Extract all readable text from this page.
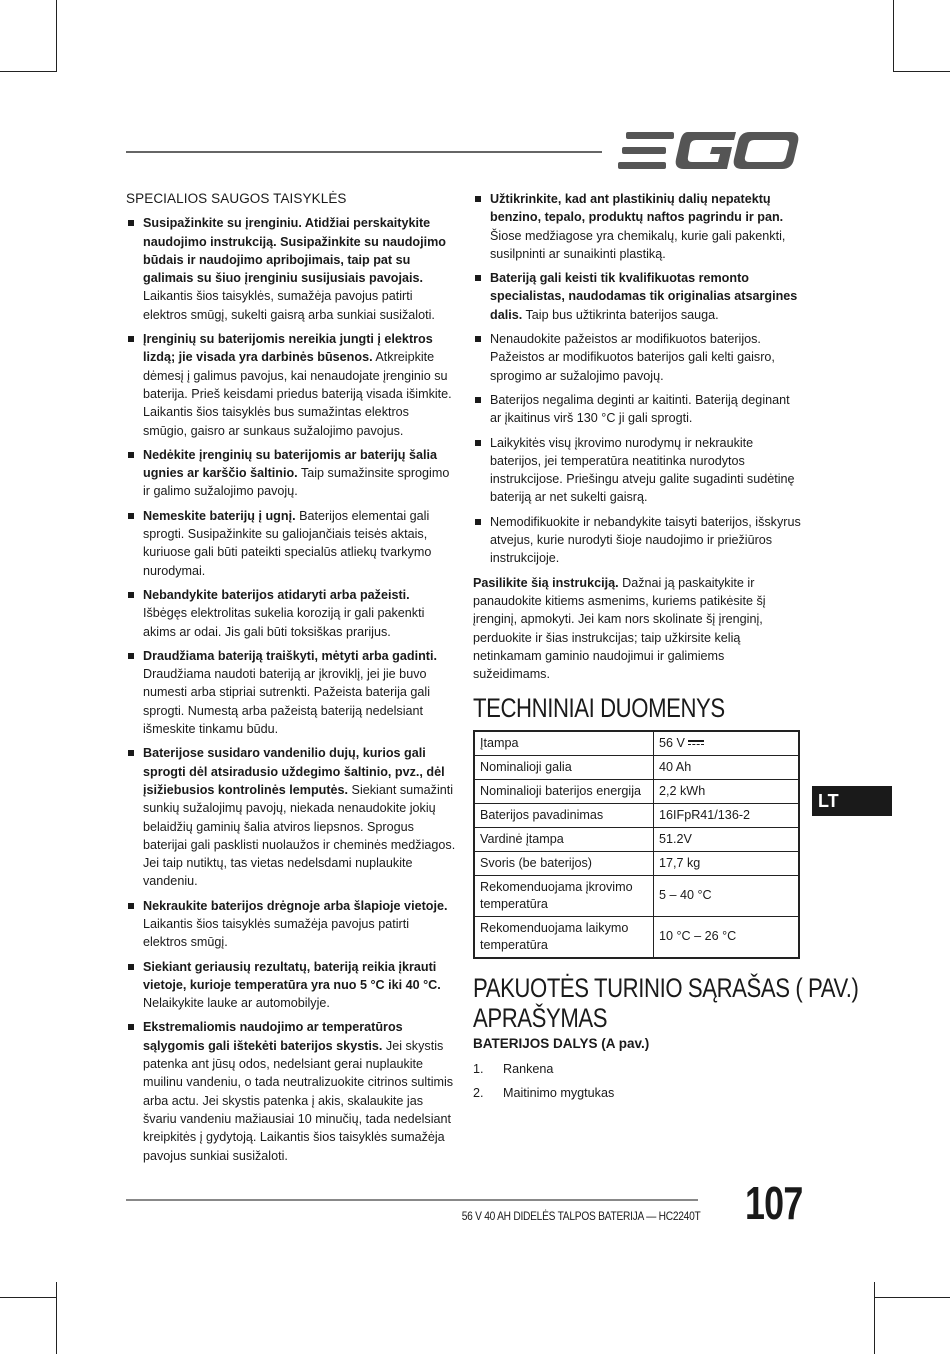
SPECIALIOS SAUGOS TAISYKLĖS
Susipažinkite su įrenginiu. Atidžiai perskaitykite naudojimo instrukciją. Susipažinkite su naudojimo būdais ir naudojimo apribojimais, taip pat su galimais su šiuo įrenginiu susijusiais pavojais. Laikantis šios taisyklės, sumažėja pavojus patirti elektros smūgį, sukelti gaisrą arba sunkiai susižaloti.
Įrenginių su baterijomis nereikia jungti į elektros lizdą; jie visada yra darbinės būsenos. Atkreipkite dėmesį į galimus pavojus, kai nenaudojate įrenginio su baterija. Prieš keisdami priedus bateriją visada išimkite. Laikantis šios taisyklės bus sumažintas elektros smūgio, gaisro ar sunkaus sužalojimo pavojus.
Nedėkite įrenginių su baterijomis ar baterijų šalia ugnies ar karščio šaltinio. Taip sumažinsite sprogimo ir galimo sužalojimo pavojų.
Nemeskite baterijų į ugnį. Baterijos elementai gali sprogti. Susipažinkite su galiojančiais teisės aktais, kuriuose gali būti pateikti specialūs atliekų tvarkymo nurodymai.
Nebandykite baterijos atidaryti arba pažeisti. Išbėgęs elektrolitas sukelia koroziją ir gali pakenkti akims ar odai. Jis gali būti toksiškas prarijus.
Draudžiama bateriją traiškyti, mėtyti arba gadinti. Draudžiama naudoti bateriją ar įkroviklį, jei jie buvo numesti arba stipriai sutrenkti. Pažeista baterija gali sprogti. Numestą arba pažeistą bateriją nedelsiant išmeskite tinkamu būdu.
Baterijose susidaro vandenilio dujų, kurios gali sprogti dėl atsiradusio uždegimo šaltinio, pvz., dėl įsižiebusios kontrolinės lemputės. Siekiant sumažinti sunkių sužalojimų pavojų, niekada nenaudokite jokių belaidžių gaminių šalia atviros liepsnos. Sprogus baterijai gali pasklisti nuolaužos ir cheminės medžiagos. Jei taip nutiktų, tas vietas nedelsdami nuplaukite vandeniu.
Nekraukite baterijos drėgnoje arba šlapioje vietoje. Laikantis šios taisyklės sumažėja pavojus patirti elektros smūgį.
Siekiant geriausių rezultatų, bateriją reikia įkrauti vietoje, kurioje temperatūra yra nuo 5 °C iki 40 °C. Nelaikykite lauke ar automobilyje.
Ekstremaliomis naudojimo ar temperatūros sąlygomis gali ištekėti baterijos skystis. Jei skystis patenka ant jūsų odos, nedelsiant gerai nuplaukite muilinu vandeniu, o tada neutralizuokite citrinos sultimis arba actu. Jei skystis patenka į akis, skalaukite jas švariu vandeniu mažiausiai 10 minučių, tada nedelsiant kreipkitės į gydytoją. Laikantis šios taisyklės sumažėja pavojus sunkiai susižaloti.
Užtikrinkite, kad ant plastikinių dalių nepatektų benzino, tepalo, produktų naftos pagrindu ir pan. Šiose medžiagose yra chemikalų, kurie gali pakenkti, susilpninti ar sunaikinti plastiką.
Bateriją gali keisti tik kvalifikuotas remonto specialistas, naudodamas tik originalias atsargines dalis. Taip bus užtikrinta baterijos sauga.
Nenaudokite pažeistos ar modifikuotos baterijos. Pažeistos ar modifikuotos baterijos gali kelti gaisro, sprogimo ar sužalojimo pavojų.
Baterijos negalima deginti ar kaitinti. Bateriją deginant ar įkaitinus virš 130 °C ji gali sprogti.
Laikykitės visų įkrovimo nurodymų ir nekraukite baterijos, jei temperatūra neatitinka nurodytos instrukcijose. Priešingu atveju galite sugadinti sudėtinę bateriją ar net sukelti gaisrą.
Nemodifikuokite ir nebandykite taisyti baterijos, išskyrus atvejus, kurie nurodyti šioje naudojimo ir priežiūros instrukcijoje.

Pasilikite šią instrukciją. Dažnai ją paskaitykite ir panaudokite kitiems asmenims, kuriems patikėsite šį įrenginį, apmokyti. Jei kam nors skolinate šį įrenginį, perduokite ir šias instrukcijas; taip užkirsite kelią netinkamam gaminio naudojimui ir galimiems sužeidimams.

TECHNINIAI DUOMENYS
Įtampa	56 V
Nominalioji galia	40 Ah
Nominalioji baterijos energija	2,2 kWh
Baterijos pavadinimas	16IFpR41/136-2
Vardinė įtampa	51.2V
Svoris (be baterijos)	17,7 kg
Rekomenduojama įkrovimo temperatūra	5 – 40 °C
Rekomenduojama laikymo temperatūra	10 °C – 26 °C
PAKUOTĖS TURINIO SĄRAŠAS ( PAV.)
APRAŠYMAS
BATERIJOS DALYS (A pav.)
1.	Rankena
2.	Maitinimo mygtukas
LT
56 V 40 AH DIDELĖS TALPOS BATERIJA — HC2240T 107
